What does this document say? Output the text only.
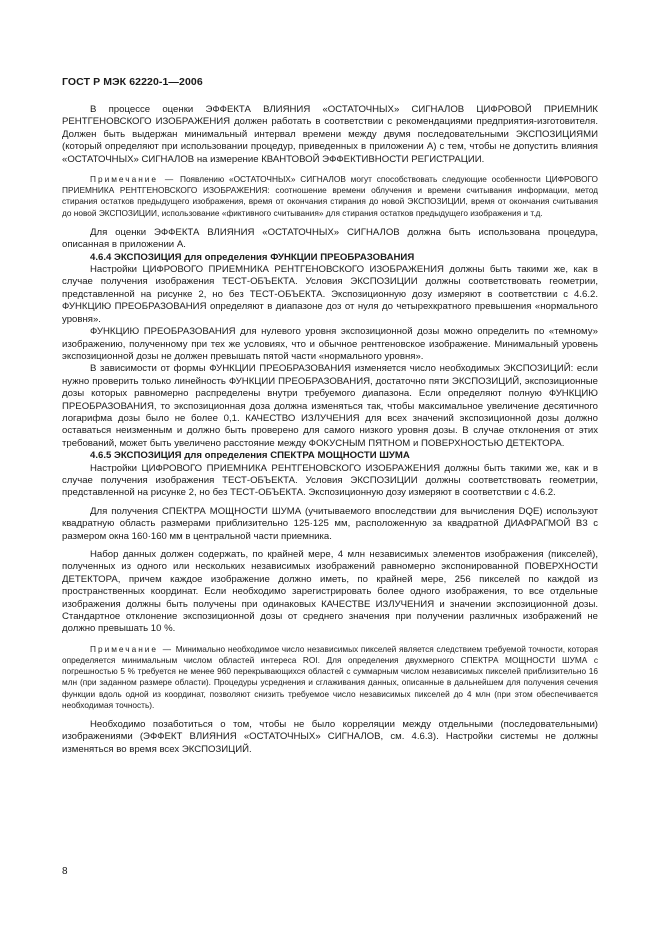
ГОСТ Р МЭК 62220-1—2006

В процессе оценки ЭФФЕКТА ВЛИЯНИЯ «ОСТАТОЧНЫХ» СИГНАЛОВ ЦИФРОВОЙ ПРИЕМНИК РЕНТГЕНОВСКОГО ИЗОБРАЖЕНИЯ должен работать в соответствии с рекомендациями предприятия-изготовителя. Должен быть выдержан минимальный интервал времени между двумя последовательными ЭКСПОЗИЦИЯМИ (который определяют при использовании процедур, приведенных в приложении А) с тем, чтобы не допустить влияния «ОСТАТОЧНЫХ» СИГНАЛОВ на измерение КВАНТОВОЙ ЭФФЕКТИВНОСТИ РЕГИСТРАЦИИ.

Примечание — Появлению «ОСТАТОЧНЫХ» СИГНАЛОВ могут способствовать следующие особенности ЦИФРОВОГО ПРИЕМНИКА РЕНТГЕНОВСКОГО ИЗОБРАЖЕНИЯ: соотношение времени облучения и времени считывания информации, метод стирания остатков предыдущего изображения, время от окончания стирания до новой ЭКСПОЗИЦИИ, время от окончания считывания до новой ЭКСПОЗИЦИИ, использование «фиктивного считывания» для стирания остатков предыдущего изображения и т.д.

Для оценки ЭФФЕКТА ВЛИЯНИЯ «ОСТАТОЧНЫХ» СИГНАЛОВ должна быть использована процедура, описанная в приложении А.

4.6.4 ЭКСПОЗИЦИЯ для определения ФУНКЦИИ ПРЕОБРАЗОВАНИЯ

Настройки ЦИФРОВОГО ПРИЕМНИКА РЕНТГЕНОВСКОГО ИЗОБРАЖЕНИЯ должны быть такими же, как в случае получения изображения ТЕСТ-ОБЪЕКТА. Условия ЭКСПОЗИЦИИ должны соответствовать геометрии, представленной на рисунке 2, но без ТЕСТ-ОБЪЕКТА. Экспозиционную дозу измеряют в соответствии с 4.6.2. ФУНКЦИЮ ПРЕОБРАЗОВАНИЯ определяют в диапазоне доз от нуля до четырехкратного превышения «нормального уровня».

ФУНКЦИЮ ПРЕОБРАЗОВАНИЯ для нулевого уровня экспозиционной дозы можно определить по «темному» изображению, полученному при тех же условиях, что и обычное рентгеновское изображение. Минимальный уровень экспозиционной дозы не должен превышать пятой части «нормального уровня».

В зависимости от формы ФУНКЦИИ ПРЕОБРАЗОВАНИЯ изменяется число необходимых ЭКСПОЗИЦИЙ: если нужно проверить только линейность ФУНКЦИИ ПРЕОБРАЗОВАНИЯ, достаточно пяти ЭКСПОЗИЦИЙ, экспозиционные дозы которых равномерно распределены внутри требуемого диапазона. Если определяют полную ФУНКЦИЮ ПРЕОБРАЗОВАНИЯ, то экспозиционная доза должна изменяться так, чтобы максимальное увеличение десятичного логарифма дозы было не более 0,1. КАЧЕСТВО ИЗЛУЧЕНИЯ для всех значений экспозиционной дозы должно оставаться неизменным и должно быть проверено для самого низкого уровня дозы. В случае отклонения от этих требований, может быть увеличено расстояние между ФОКУСНЫМ ПЯТНОМ и ПОВЕРХНОСТЬЮ ДЕТЕКТОРА.

4.6.5 ЭКСПОЗИЦИЯ для определения СПЕКТРА МОЩНОСТИ ШУМА

Настройки ЦИФРОВОГО ПРИЕМНИКА РЕНТГЕНОВСКОГО ИЗОБРАЖЕНИЯ должны быть такими же, как и в случае получения изображения ТЕСТ-ОБЪЕКТА. Условия ЭКСПОЗИЦИИ должны соответствовать геометрии, представленной на рисунке 2, но без ТЕСТ-ОБЪЕКТА. Экспозиционную дозу измеряют в соответствии с 4.6.2.

Для получения СПЕКТРА МОЩНОСТИ ШУМА (учитываемого впоследствии для вычисления DQE) используют квадратную область размерами приблизительно 125·125 мм, расположенную за квадратной ДИАФРАГМОЙ B3 с размером окна 160·160 мм в центральной части приемника.

Набор данных должен содержать, по крайней мере, 4 млн независимых элементов изображения (пикселей), полученных из одного или нескольких независимых изображений равномерно экспонированной ПОВЕРХНОСТИ ДЕТЕКТОРА, причем каждое изображение должно иметь, по крайней мере, 256 пикселей по каждой из пространственных координат. Если необходимо зарегистрировать более одного изображения, то все отдельные изображения должны быть получены при одинаковых КАЧЕСТВЕ ИЗЛУЧЕНИЯ и значении экспозиционной дозы. Стандартное отклонение экспозиционной дозы от среднего значения при получении различных изображений не должно превышать 10 %.

Примечание — Минимально необходимое число независимых пикселей является следствием требуемой точности, которая определяется минимальным числом областей интереса ROI. Для определения двухмерного СПЕКТРА МОЩНОСТИ ШУМА с погрешностью 5 % требуется не менее 960 перекрывающихся областей с суммарным числом независимых пикселей приблизительно 16 млн (при заданном размере области). Процедуры усреднения и сглаживания данных, описанные в дальнейшем для получения сечения функции вдоль одной из координат, позволяют снизить требуемое число независимых пикселей до 4 млн (при этом обеспечивается необходимая точность).

Необходимо позаботиться о том, чтобы не было корреляции между отдельными (последовательными) изображениями (ЭФФЕКТ ВЛИЯНИЯ «ОСТАТОЧНЫХ» СИГНАЛОВ, см. 4.6.3). Настройки системы не должны изменяться во время всех ЭКСПОЗИЦИЙ.

8
